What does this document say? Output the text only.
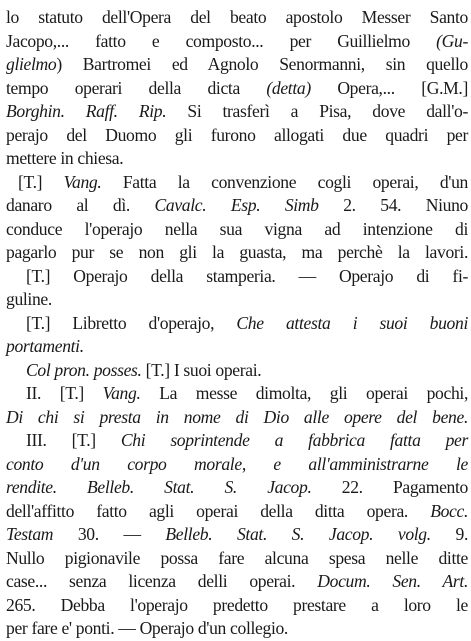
lo statuto dell'Opera del beato apostolo Messer Santo
Jacopo,... fatto e composto... per Guillielmo (Gu-
glielmo) Bartromei ed Agnolo Senormanni, sin quello
tempo operari della dicta (detta) Opera,... [G.M.]
Borghin. Raff. Rip. Si trasferì a Pisa, dove dall'o-
perajo del Duomo gli furono allogati due quadri per
mettere in chiesa.
[T.] Vang. Fatta la convenzione cogli operai, d'un
danaro al dì. Cavalc. Esp. Simb 2. 54. Niuno
conduce l'operajo nella sua vigna ad intenzione di
pagarlo pur se non gli la guasta, ma perchè la lavori.
[T.] Operajo della stamperia. — Operajo di fi-
guline.
[T.] Libretto d'operajo, Che attesta i suoi buoni
portamenti.
Col pron. posses. [T.] I suoi operai.
II. [T.] Vang. La messe dimolta, gli operai pochi,
Di chi si presta in nome di Dio alle opere del bene.
III. [T.] Chi soprintende a fabbrica fatta per
conto d'un corpo morale, e all'amministrarne le
rendite. Belleb. Stat. S. Jacop. 22. Pagamento
dell'affitto fatto agli operai della ditta opera. Bocc.
Testam 30. — Belleb. Stat. S. Jacop. volg. 9.
Nullo pigionavile possa fare alcuna spesa nelle ditte
case... senza licenza delli operai. Docum. Sen. Art.
265. Debba l'operajo predetto prestare a loro le
per fare e' ponti. — Operajo d'un collegio.
